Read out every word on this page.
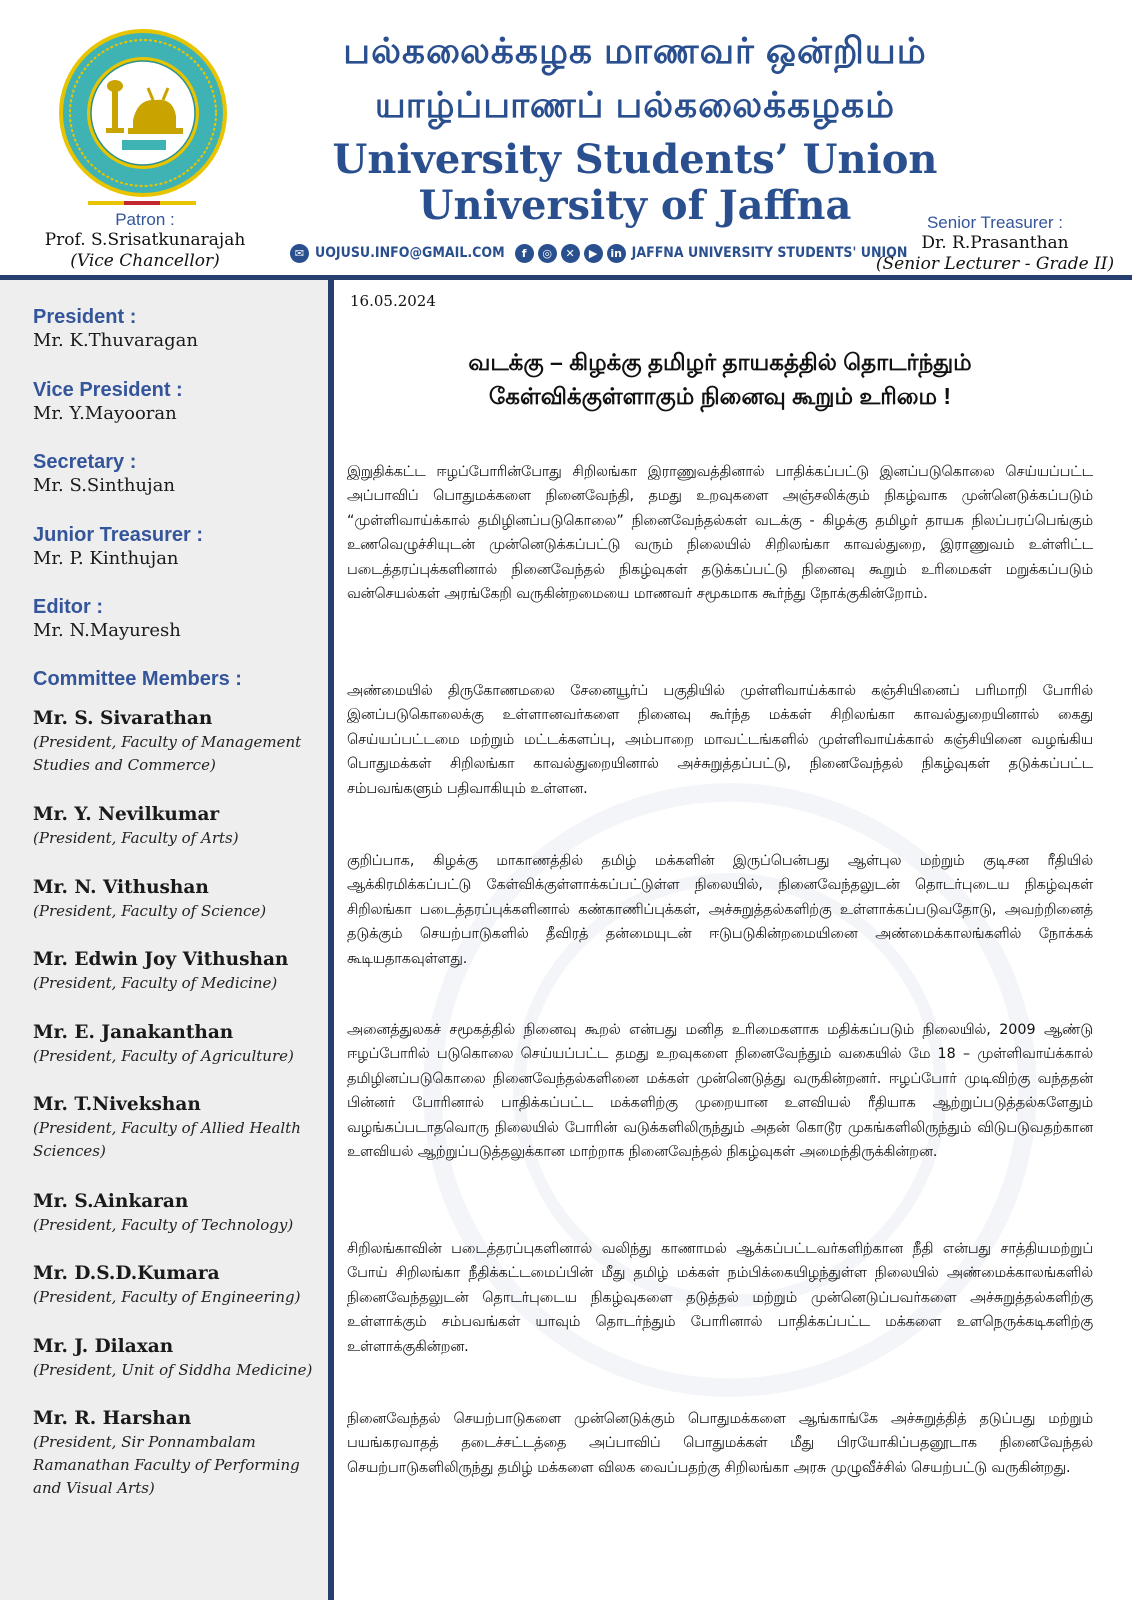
Patron :
Prof. S.Srisatkunarajah
(Vice Chancellor)
பல்கலைக்கழக மாணவர் ஒன்றியம்
யாழ்ப்பாணப் பல்கலைக்கழகம்
University Students’ Union
University of Jaffna
✉ UOJUSU.INFO@GMAIL.COM	f	◎	✕	▶	in JAFFNA UNIVERSITY STUDENTS' UNION
Senior Treasurer :
Dr. R.Prasanthan
(Senior Lecturer - Grade II)
President :
Mr. K.Thuvaragan
Vice President :
Mr. Y.Mayooran
Secretary :
Mr. S.Sinthujan
Junior Treasurer :
Mr. P. Kinthujan
Editor :
Mr. N.Mayuresh
Committee Members :
Mr. S. Sivarathan
(President, Faculty of Management Studies and Commerce)
Mr. Y. Nevilkumar
(President, Faculty of Arts)
Mr. N. Vithushan
(President, Faculty of Science)
Mr. Edwin Joy Vithushan
(President, Faculty of Medicine)
Mr. E. Janakanthan
(President, Faculty of Agriculture)
Mr. T.Nivekshan
(President, Faculty of Allied Health Sciences)
Mr. S.Ainkaran
(President, Faculty of Technology)
Mr. D.S.D.Kumara
(President, Faculty of Engineering)
Mr. J. Dilaxan
(President, Unit of Siddha Medicine)
Mr. R. Harshan
(President, Sir Ponnambalam Ramanathan Faculty of Performing and Visual Arts)
16.05.2024
வடக்கு – கிழக்கு தமிழர் தாயகத்தில் தொடர்ந்தும்
கேள்விக்குள்ளாகும் நினைவு கூறும் உரிமை !

இறுதிக்கட்ட ஈழப்போரின்போது சிறிலங்கா இராணுவத்தினால் பாதிக்கப்பட்டு இனப்படுகொலை செய்யப்பட்ட அப்பாவிப் பொதுமக்களை நினைவேந்தி, தமது உறவுகளை அஞ்சலிக்கும் நிகழ்வாக முன்னெடுக்கப்படும் “முள்ளிவாய்க்கால் தமிழினப்படுகொலை” நினைவேந்தல்கள் வடக்கு - கிழக்கு தமிழர் தாயக நிலப்பரப்பெங்கும் உணவெழுச்சியுடன் முன்னெடுக்கப்பட்டு வரும் நிலையில் சிறிலங்கா காவல்துறை, இராணுவம் உள்ளிட்ட படைத்தரப்புக்களினால் நினைவேந்தல் நிகழ்வுகள் தடுக்கப்பட்டு நினைவு கூறும் உரிமைகள் மறுக்கப்படும் வன்செயல்கள் அரங்கேறி வருகின்றமையை மாணவர் சமூகமாக கூர்ந்து நோக்குகின்றோம்.

அண்மையில் திருகோணமலை சேனையூர்ப் பகுதியில் முள்ளிவாய்க்கால் கஞ்சியினைப் பரிமாறி போரில் இனப்படுகொலைக்கு உள்ளானவர்களை நினைவு கூர்ந்த மக்கள் சிறிலங்கா காவல்துறையினால் கைது செய்யப்பட்டமை மற்றும் மட்டக்களப்பு, அம்பாறை மாவட்டங்களில் முள்ளிவாய்க்கால் கஞ்சியினை வழங்கிய பொதுமக்கள் சிறிலங்கா காவல்துறையினால் அச்சுறுத்தப்பட்டு, நினைவேந்தல் நிகழ்வுகள் தடுக்கப்பட்ட சம்பவங்களும் பதிவாகியும் உள்ளன.

குறிப்பாக, கிழக்கு மாகாணத்தில் தமிழ் மக்களின் இருப்பென்பது ஆள்புல மற்றும் குடிசன ரீதியில் ஆக்கிரமிக்கப்பட்டு கேள்விக்குள்ளாக்கப்பட்டுள்ள நிலையில், நினைவேந்தலுடன் தொடர்புடைய நிகழ்வுகள் சிறிலங்கா படைத்தரப்புக்களினால் கண்காணிப்புக்கள், அச்சுறுத்தல்களிற்கு உள்ளாக்கப்படுவதோடு, அவற்றினைத் தடுக்கும் செயற்பாடுகளில் தீவிரத் தன்மையுடன் ஈடுபடுகின்றமையினை அண்மைக்காலங்களில் நோக்கக் கூடியதாகவுள்ளது.

அனைத்துலகச் சமூகத்தில் நினைவு கூறல் என்பது மனித உரிமைகளாக மதிக்கப்படும் நிலையில், 2009 ஆண்டு ஈழப்போரில் படுகொலை செய்யப்பட்ட தமது உறவுகளை நினைவேந்தும் வகையில் மே 18 – முள்ளிவாய்க்கால் தமிழினப்படுகொலை நினைவேந்தல்களினை மக்கள் முன்னெடுத்து வருகின்றனர். ஈழப்போர் முடிவிற்கு வந்ததன் பின்னர் போரினால் பாதிக்கப்பட்ட மக்களிற்கு முறையான உளவியல் ரீதியாக ஆற்றுப்படுத்தல்களேதும் வழங்கப்படாதவொரு நிலையில் போரின் வடுக்களிலிருந்தும் அதன் கொடூர முகங்களிலிருந்தும் விடுபடுவதற்கான உளவியல் ஆற்றுப்படுத்தலுக்கான மாற்றாக நினைவேந்தல் நிகழ்வுகள் அமைந்திருக்கின்றன.

சிறிலங்காவின் படைத்தரப்புகளினால் வலிந்து காணாமல் ஆக்கப்பட்டவர்களிற்கான நீதி என்பது சாத்தியமற்றுப் போய் சிறிலங்கா நீதிக்கட்டமைப்பின் மீது தமிழ் மக்கள் நம்பிக்கையிழந்துள்ள நிலையில் அண்மைக்காலங்களில் நினைவேந்தலுடன் தொடர்புடைய நிகழ்வுகளை தடுத்தல் மற்றும் முன்னெடுப்பவர்களை அச்சுறுத்தல்களிற்கு உள்ளாக்கும் சம்பவங்கள் யாவும் தொடர்ந்தும் போரினால் பாதிக்கப்பட்ட மக்களை உளநெருக்கடிகளிற்கு உள்ளாக்குகின்றன.

நினைவேந்தல் செயற்பாடுகளை முன்னெடுக்கும் பொதுமக்களை ஆங்காங்கே அச்சுறுத்தித் தடுப்பது மற்றும் பயங்கரவாதத் தடைச்சட்டத்தை அப்பாவிப் பொதுமக்கள் மீது பிரயோகிப்பதனூடாக நினைவேந்தல் செயற்பாடுகளிலிருந்து தமிழ் மக்களை விலக வைப்பதற்கு சிறிலங்கா அரசு முழுவீச்சில் செயற்பட்டு வருகின்றது.
